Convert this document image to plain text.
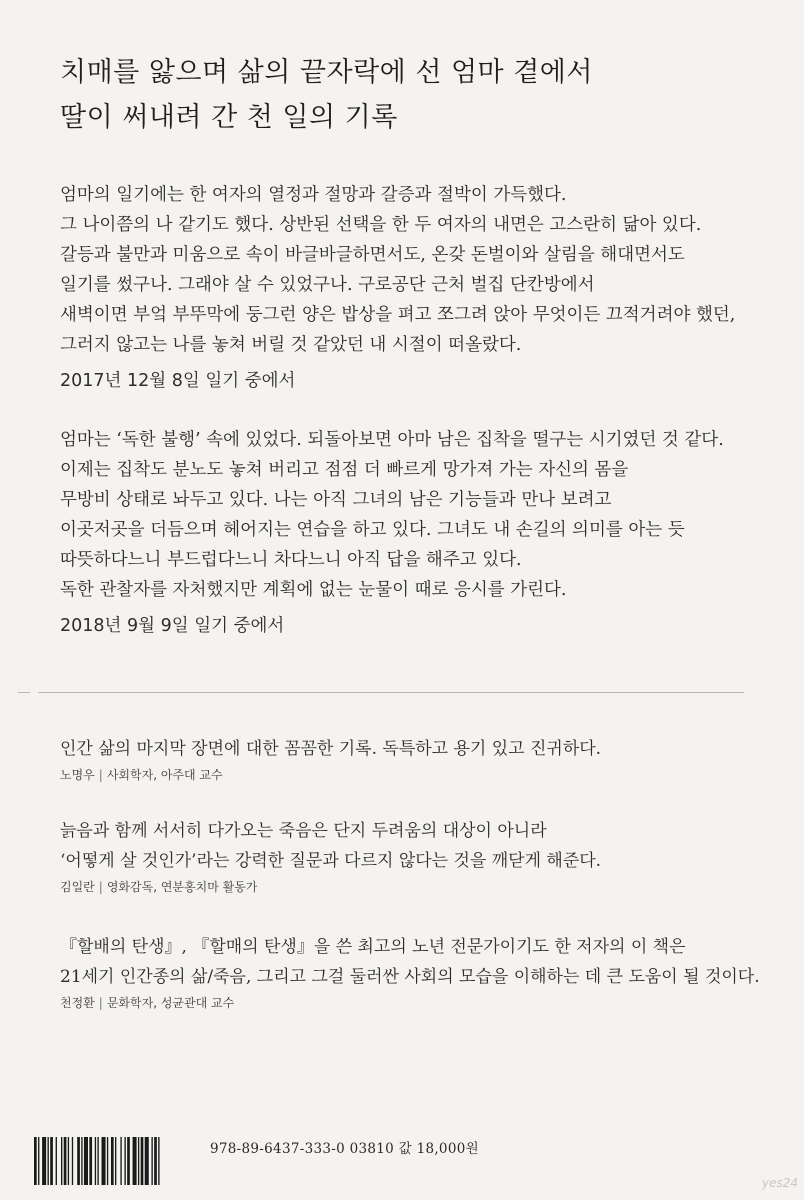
치매를 앓으며 삶의 끝자락에 선 엄마 곁에서
딸이 써내려 간 천 일의 기록
엄마의 일기에는 한 여자의 열정과 절망과 갈증과 절박이 가득했다.
그 나이쯤의 나 같기도 했다. 상반된 선택을 한 두 여자의 내면은 고스란히 닮아 있다.
갈등과 불만과 미움으로 속이 바글바글하면서도, 온갖 돈벌이와 살림을 해대면서도
일기를 썼구나. 그래야 살 수 있었구나. 구로공단 근처 벌집 단칸방에서
새벽이면 부엌 부뚜막에 둥그런 양은 밥상을 펴고 쪼그려 앉아 무엇이든 끄적거려야 했던,
그러지 않고는 나를 놓쳐 버릴 것 같았던 내 시절이 떠올랐다.
2017년 12월 8일 일기 중에서
엄마는 ‘독한 불행’ 속에 있었다. 되돌아보면 아마 남은 집착을 떨구는 시기였던 것 같다.
이제는 집착도 분노도 놓쳐 버리고 점점 더 빠르게 망가져 가는 자신의 몸을
무방비 상태로 놔두고 있다. 나는 아직 그녀의 남은 기능들과 만나 보려고
이곳저곳을 더듬으며 헤어지는 연습을 하고 있다. 그녀도 내 손길의 의미를 아는 듯
따뜻하다느니 부드럽다느니 차다느니 아직 답을 해주고 있다.
독한 관찰자를 자처했지만 계획에 없는 눈물이 때로 응시를 가린다.
2018년 9월 9일 일기 중에서
인간 삶의 마지막 장면에 대한 꼼꼼한 기록. 독특하고 용기 있고 진귀하다.
노명우 | 사회학자, 아주대 교수
늙음과 함께 서서히 다가오는 죽음은 단지 두려움의 대상이 아니라
‘어떻게 살 것인가’라는 강력한 질문과 다르지 않다는 것을 깨닫게 해준다.
김일란 | 영화감독, 연분홍치마 활동가
『할배의 탄생』, 『할매의 탄생』을 쓴 최고의 노년 전문가이기도 한 저자의 이 책은
21세기 인간종의 삶/죽음, 그리고 그걸 둘러싼 사회의 모습을 이해하는 데 큰 도움이 될 것이다.
천정환 | 문화학자, 성균관대 교수
978-89-6437-333-0 03810 값 18,000원
yes24
